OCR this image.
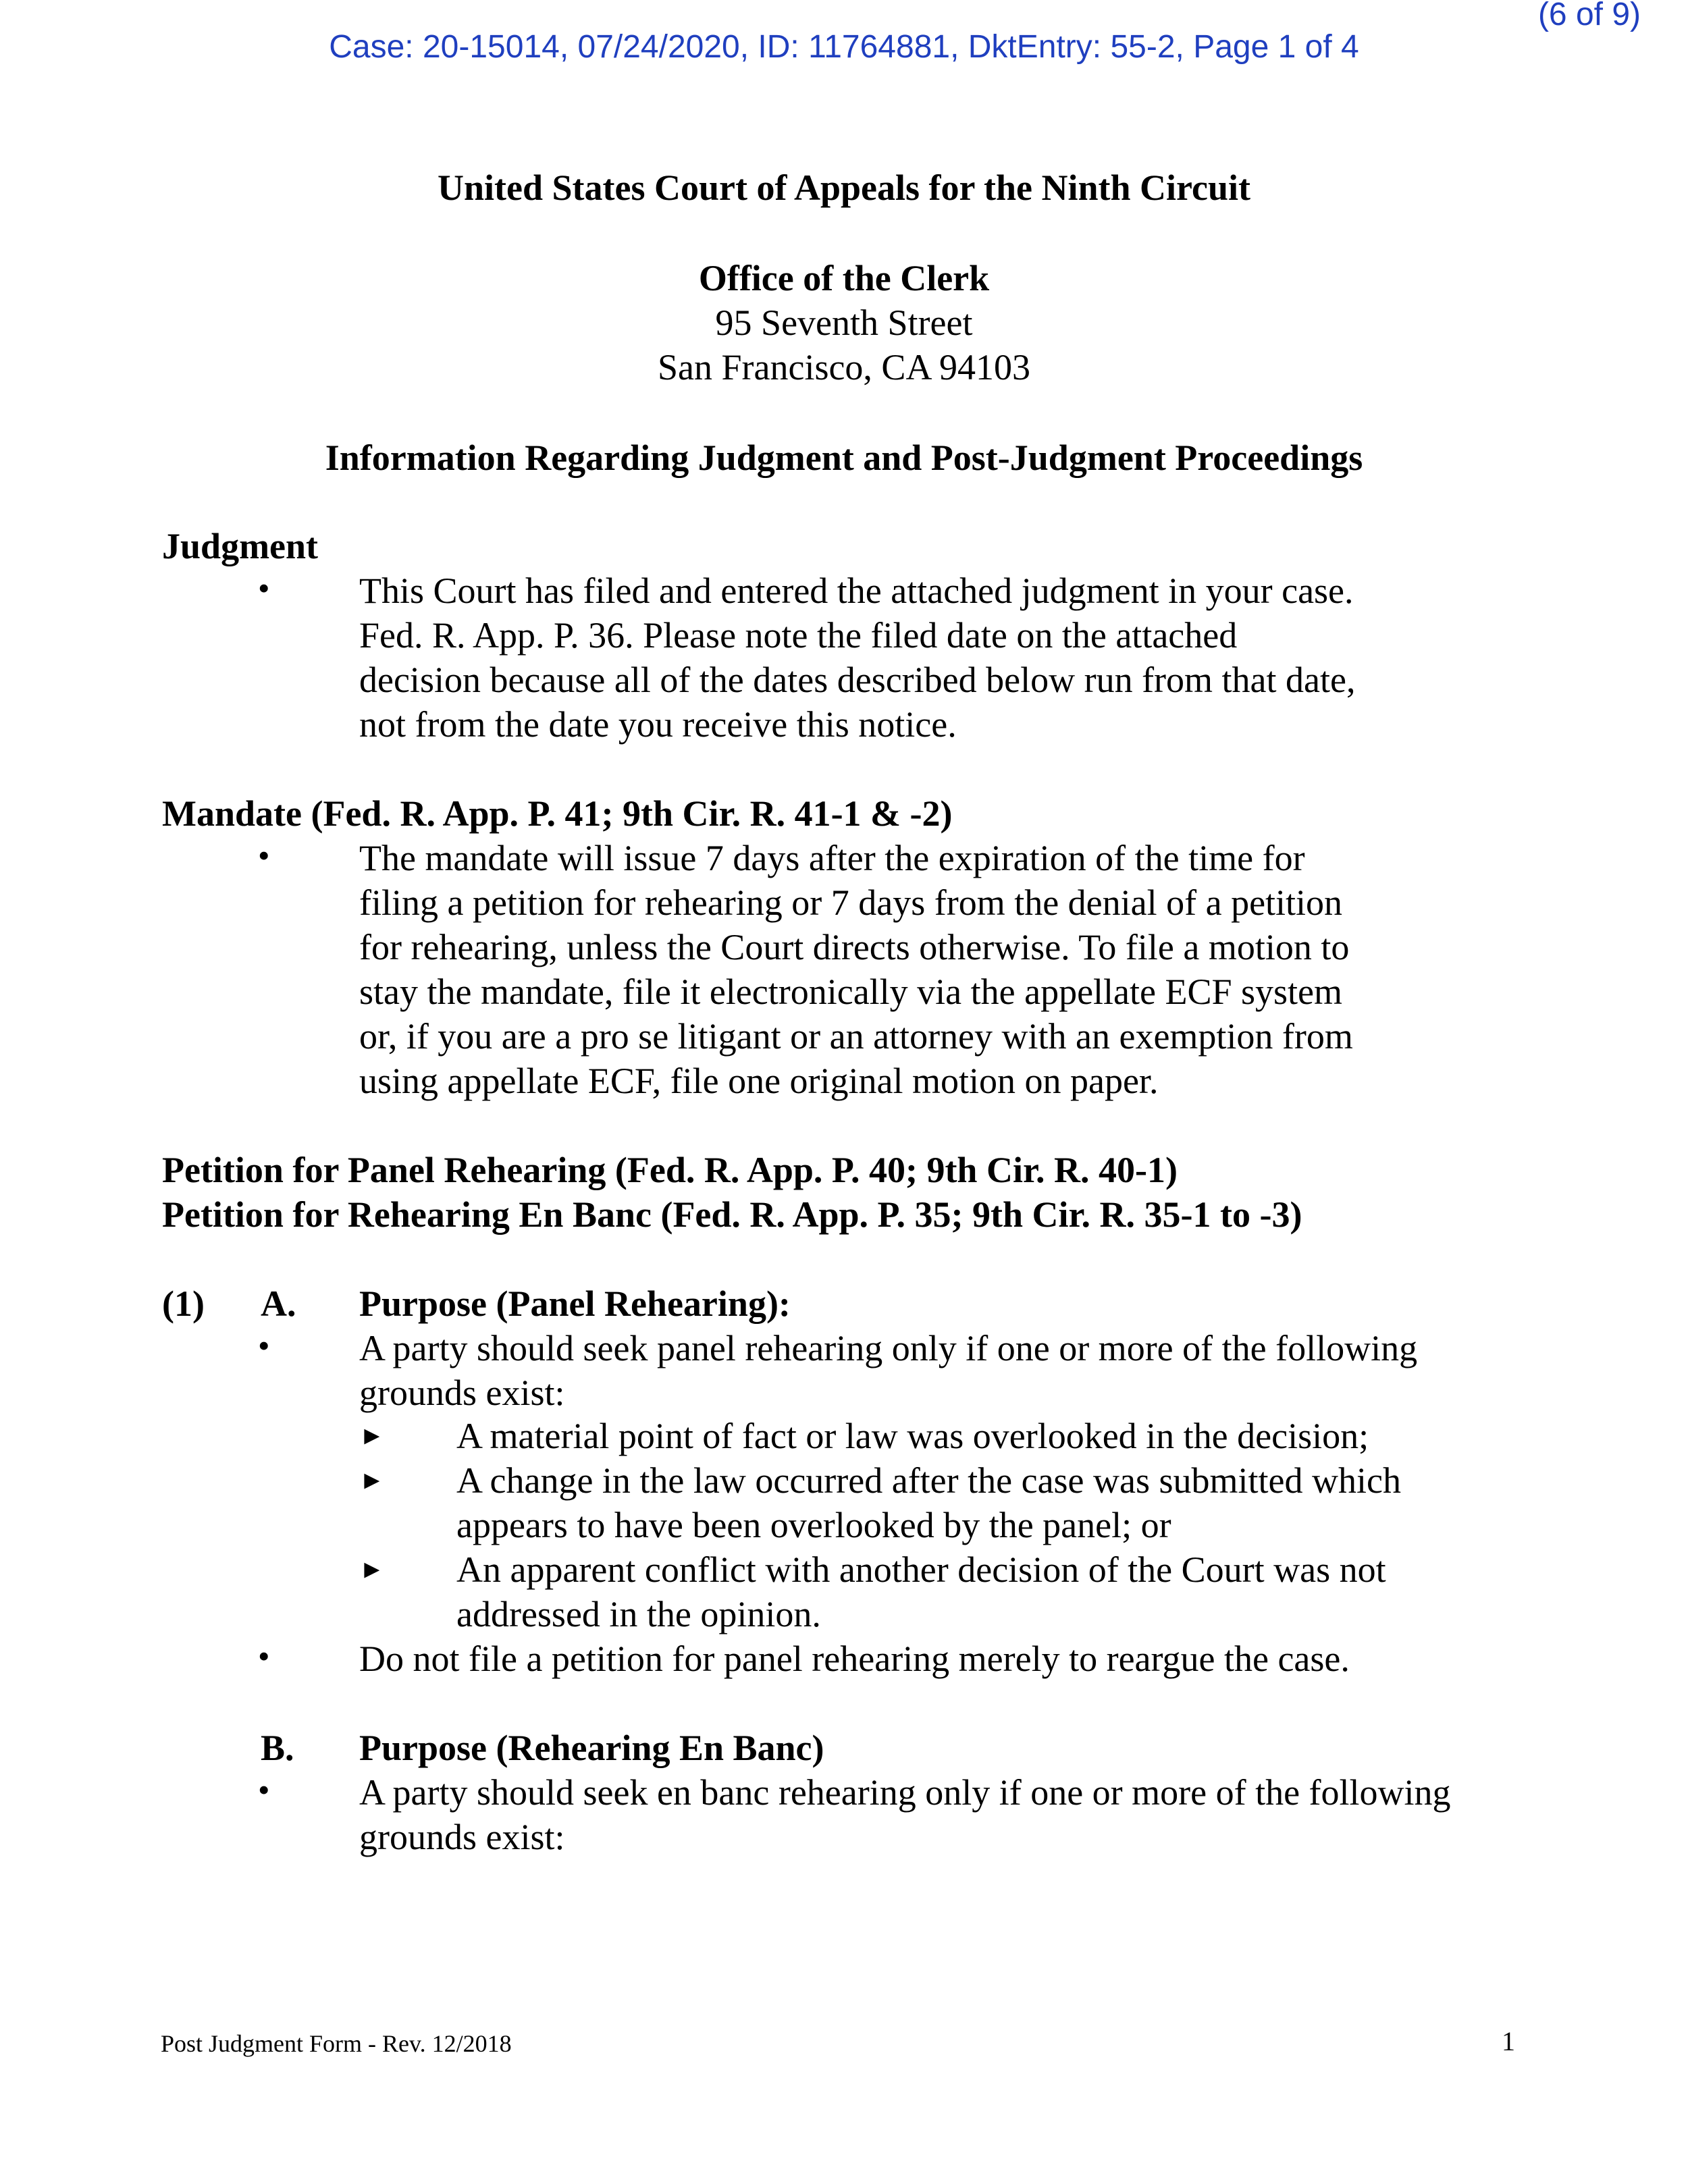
Case: 20-15014, 07/24/2020, ID: 11764881, DktEntry: 55-2, Page 1 of 4
(6 of 9)
United States Court of Appeals for the Ninth Circuit
Office of the Clerk
95 Seventh Street
San Francisco, CA 94103
Information Regarding Judgment and Post-Judgment Proceedings
Judgment
• This Court has filed and entered the attached judgment in your case.
Fed. R. App. P. 36. Please note the filed date on the attached
decision because all of the dates described below run from that date,
not from the date you receive this notice.
Mandate (Fed. R. App. P. 41; 9th Cir. R. 41-1 & -2)
• The mandate will issue 7 days after the expiration of the time for
filing a petition for rehearing or 7 days from the denial of a petition
for rehearing, unless the Court directs otherwise. To file a motion to
stay the mandate, file it electronically via the appellate ECF system
or, if you are a pro se litigant or an attorney with an exemption from
using appellate ECF, file one original motion on paper.
Petition for Panel Rehearing (Fed. R. App. P. 40; 9th Cir. R. 40-1)
Petition for Rehearing En Banc (Fed. R. App. P. 35; 9th Cir. R. 35-1 to -3)
(1) A. Purpose (Panel Rehearing):
• A party should seek panel rehearing only if one or more of the following
grounds exist:
► A material point of fact or law was overlooked in the decision;
► A change in the law occurred after the case was submitted which
appears to have been overlooked by the panel; or
► An apparent conflict with another decision of the Court was not
addressed in the opinion.
• Do not file a petition for panel rehearing merely to reargue the case.
B. Purpose (Rehearing En Banc)
• A party should seek en banc rehearing only if one or more of the following
grounds exist:
Post Judgment Form - Rev. 12/2018	1
